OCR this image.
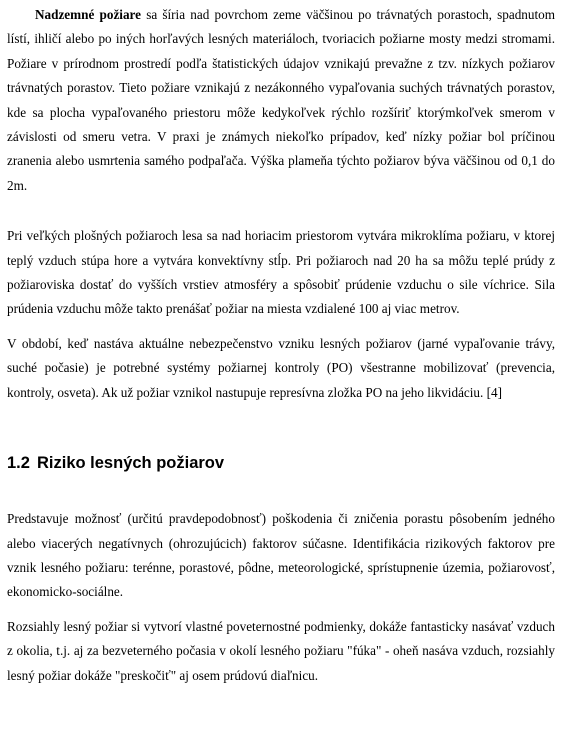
Nadzemné požiare sa šíria nad povrchom zeme väčšinou po trávnatých porastoch, spadnutom lístí, ihličí alebo po iných horľavých lesných materiáloch, tvoriacich požiarne mosty medzi stromami. Požiare v prírodnom prostredí podľa štatistických údajov vznikajú prevažne z tzv. nízkych požiarov trávnatých porastov. Tieto požiare vznikajú z nezákonného vypaľovania suchých trávnatých porastov, kde sa plocha vypaľovaného priestoru môže kedykoľvek rýchlo rozšíriť ktorýmkoľvek smerom v závislosti od smeru vetra. V praxi je známych niekoľko prípadov, keď nízky požiar bol príčinou zranenia alebo usmrtenia samého podpaľača. Výška plameňa týchto požiarov býva väčšinou od 0,1 do 2m.

Pri veľkých plošných požiaroch lesa sa nad horiacim priestorom vytvára mikroklíma požiaru, v ktorej teplý vzduch stúpa hore a vytvára konvektívny stĺp. Pri požiaroch nad 20 ha sa môžu teplé prúdy z požiaroviska dostať do vyšších vrstiev atmosféry a spôsobiť prúdenie vzduchu o sile víchrice. Sila prúdenia vzduchu môže takto prenášať požiar na miesta vzdialené 100 aj viac metrov.

V období, keď nastáva aktuálne nebezpečenstvo vzniku lesných požiarov (jarné vypaľovanie trávy, suché počasie) je potrebné systémy požiarnej kontroly (PO) všestranne mobilizovať (prevencia, kontroly, osveta). Ak už požiar vznikol nastupuje represívna zložka PO na jeho likvidáciu. [4]

1.2 Riziko lesných požiarov

Predstavuje možnosť (určitú pravdepodobnosť) poškodenia či zničenia porastu pôsobením jedného alebo viacerých negatívnych (ohrozujúcich) faktorov súčasne. Identifikácia rizikových faktorov pre vznik lesného požiaru: terénne, porastové, pôdne, meteorologické, sprístupnenie územia, požiarovosť, ekonomicko-sociálne.

Rozsiahly lesný požiar si vytvorí vlastné poveternostné podmienky, dokáže fantasticky nasávať vzduch z okolia, t.j. aj za bezveterného počasia v okolí lesného požiaru "fúka" - oheň nasáva vzduch, rozsiahly lesný požiar dokáže "preskočiť" aj osem prúdovú diaľnicu.
